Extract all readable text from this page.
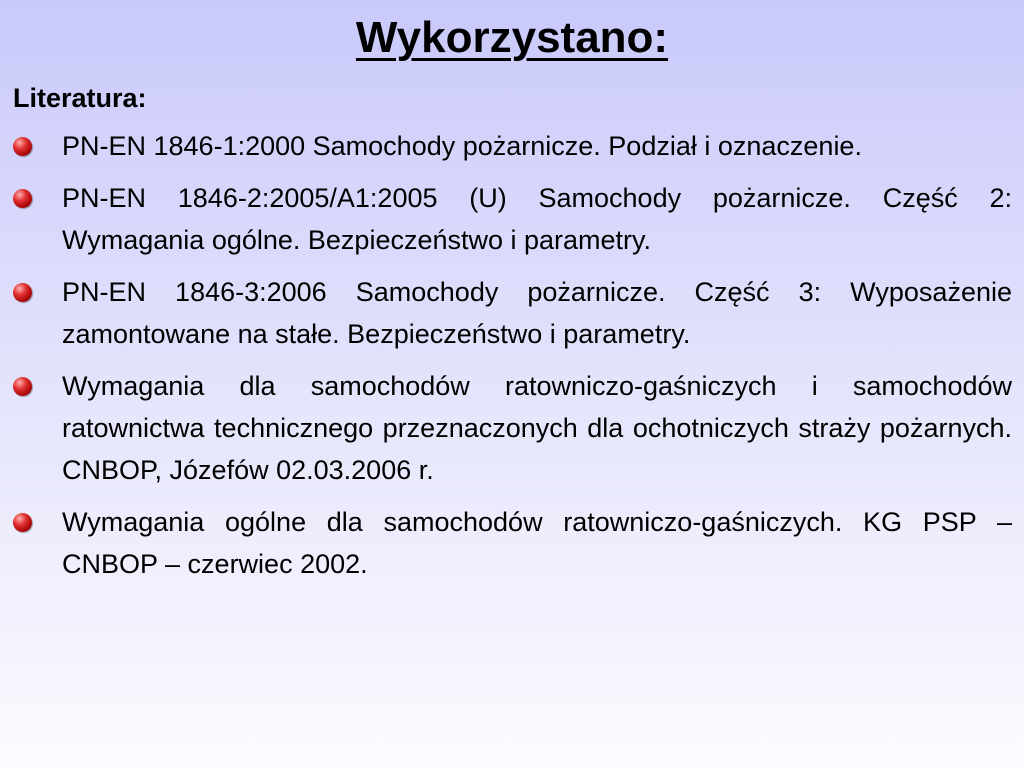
Wykorzystano:
Literatura:
PN-EN 1846-1:2000 Samochody pożarnicze. Podział i oznaczenie.
PN-EN 1846-2:2005/A1:2005 (U) Samochody pożarnicze. Część 2: Wymagania ogólne. Bezpieczeństwo i parametry.
PN-EN 1846-3:2006 Samochody pożarnicze. Część 3: Wyposażenie zamontowane na stałe. Bezpieczeństwo i parametry.
Wymagania dla samochodów ratowniczo-gaśniczych i samochodów ratownictwa technicznego przeznaczonych dla ochotniczych straży pożarnych. CNBOP, Józefów 02.03.2006 r.
Wymagania ogólne dla samochodów ratowniczo-gaśniczych. KG PSP – CNBOP – czerwiec 2002.
